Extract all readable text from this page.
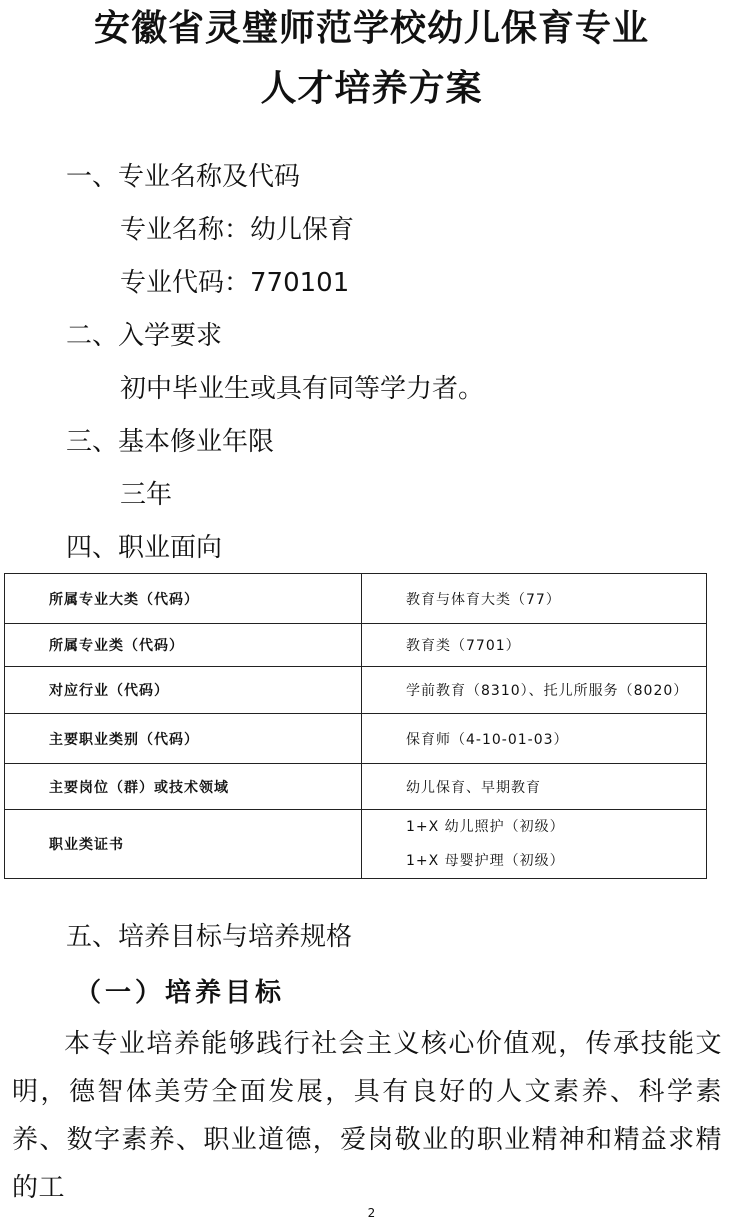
安徽省灵璧师范学校幼儿保育专业
人才培养方案
一、专业名称及代码
专业名称：幼儿保育
专业代码：770101
二、入学要求
初中毕业生或具有同等学力者。
三、基本修业年限
三年
四、职业面向
所属专业大类（代码）	教育与体育大类（77）
所属专业类（代码）	教育类（7701）
对应行业（代码）	学前教育（8310）、托儿所服务（8020）
主要职业类别（代码）	保育师（4-10-01-03）
主要岗位（群）或技术领域	幼儿保育、早期教育
职业类证书	1+X 幼儿照护（初级）
1+X 母婴护理（初级）
五、培养目标与培养规格
（一）培养目标
本专业培养能够践行社会主义核心价值观，传承技能文明，德智体美劳全面发展，具有良好的人文素养、科学素养、数字素养、职业道德，爱岗敬业的职业精神和精益求精的工
2
